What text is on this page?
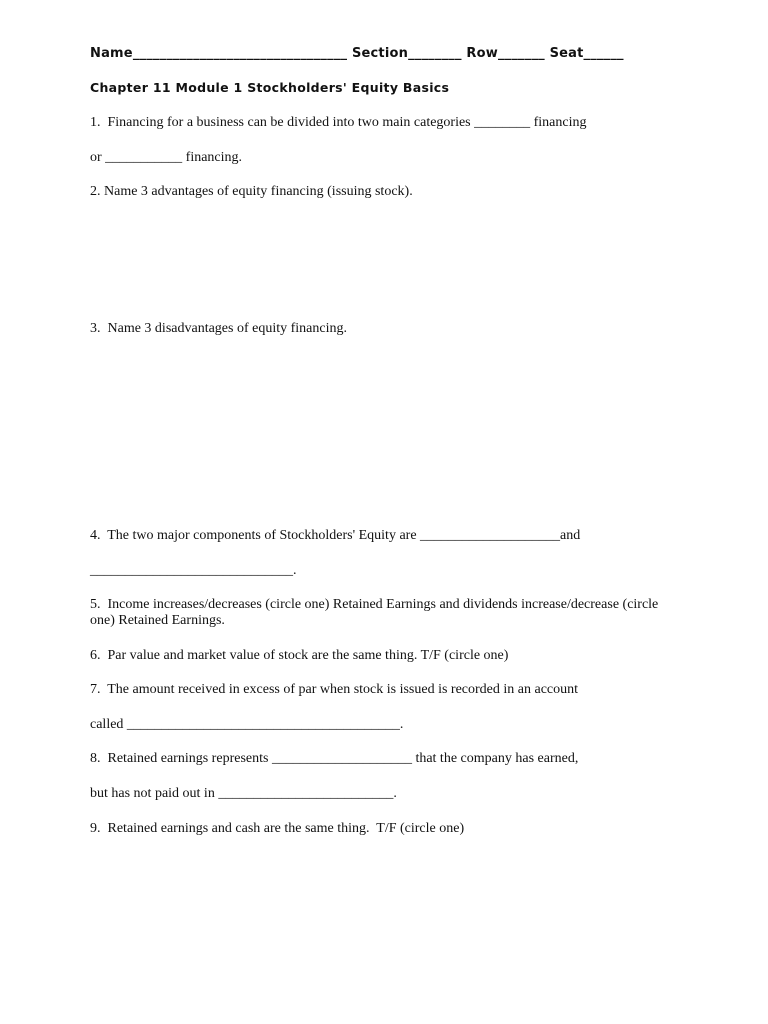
Name________________________________ Section________ Row_______ Seat______
Chapter 11 Module 1 Stockholders' Equity Basics
1.  Financing for a business can be divided into two main categories ________ financing
or ___________ financing.
2. Name 3 advantages of equity financing (issuing stock).
3.  Name 3 disadvantages of equity financing.
4.  The two major components of Stockholders' Equity are ____________________and
_____________________________.
5.  Income increases/decreases (circle one) Retained Earnings and dividends increase/decrease (circle one) Retained Earnings.
6.  Par value and market value of stock are the same thing. T/F (circle one)
7.  The amount received in excess of par when stock is issued is recorded in an account
called _______________________________________.
8.  Retained earnings represents ____________________ that the company has earned,
but has not paid out in _________________________.
9.  Retained earnings and cash are the same thing.  T/F (circle one)
